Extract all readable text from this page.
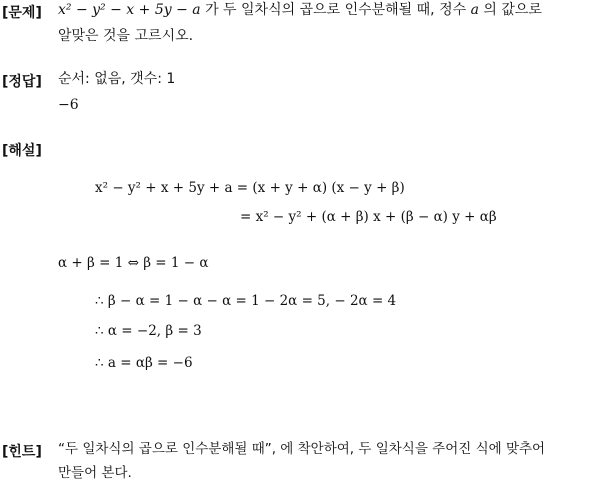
[문제] x² − y² − x + 5y − a 가 두 일차식의 곱으로 인수분해될 때, 정수 a 의 값으로
알맞은 것을 고르시오.
[정답] 순서: 없음, 갯수: 1
−6
[해설]
x² − y² + x + 5y + a = (x + y + α) (x − y + β)
= x² − y² + (α + β) x + (β − α) y + αβ
α + β = 1 ⇔ β = 1 − α
∴ β − α = 1 − α − α = 1 − 2α = 5, − 2α = 4
∴ α = −2, β = 3
∴ a = αβ = −6
[힌트] “두 일차식의 곱으로 인수분해될 때”, 에 착안하여, 두 일차식을 주어진 식에 맞추어
만들어 본다.
